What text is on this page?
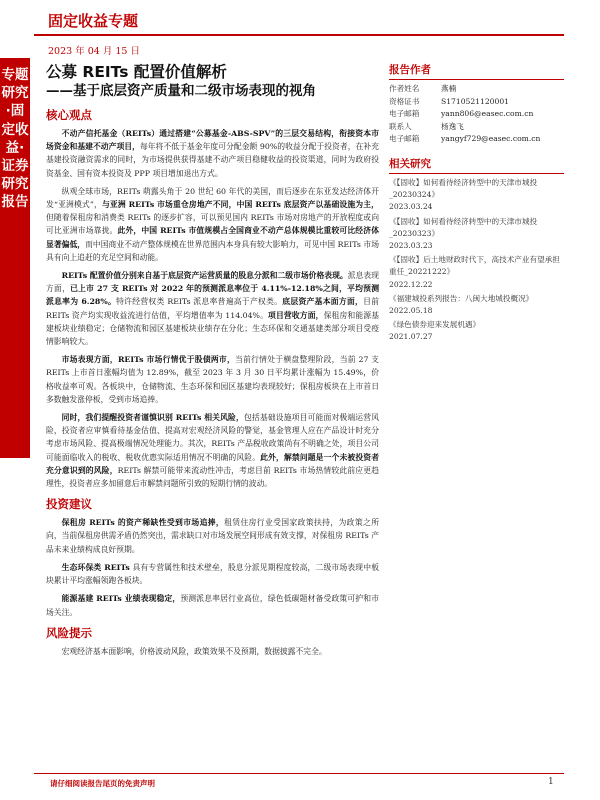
专题研究·固定收益·证券研究报告
固定收益专题
2023 年 04 月 15 日
公募 REITs 配置价值解析
——基于底层资产质量和二级市场表现的视角
核心观点

不动产信托基金（REITs）通过搭建“公募基金-ABS-SPV”的三层交易结构，衔接资本市场资金和基建不动产项目，每年将不低于基金年度可分配金额 90%的收益分配于投资者，在补充基建投资融资需求的同时，为市场提供获得基建不动产项目稳健收益的投资渠道，同时为政府投资基金、国有资本投资及 PPP 项目增加退出方式。

纵观全球市场，REITs 萌露头角于 20 世纪 60 年代的美国，而后逐步在东亚发达经济体开发“亚洲模式”，与亚洲 REITs 市场重仓房地产不同，中国 REITs 底层资产以基础设施为主，但随着保租房和消费类 REITs 的逐步扩容，可以预见国内 REITs 市场对房地产的开放程度或向可比亚洲市场靠拢。此外，中国 REITs 市值规模占全国商业不动产总体规模比重较可比经济体显著偏低，而中国商业不动产整体规模在世界范围内本身具有较大影响力，可见中国 REITs 市场具有向上追赶的充足空间和动能。

REITs 配置价值分别来自基于底层资产运营质量的股息分派和二级市场价格表现。派息表现方面，已上市 27 支 REITs 对 2022 年的预测派息率位于 4.11%-12.18%之间，平均预测派息率为 6.28%。特许经营权类 REITs 派息率普遍高于产权类。底层资产基本面方面，目前 REITs 资产均实现收益流进行估值，平均增值率为 114.04%。项目营收方面，保租房和能源基建板块业绩稳定；仓储物流和园区基建板块业绩存在分化；生态环保和交通基建类部分项目受疫情影响较大。

市场表现方面，REITs 市场行情优于股债两市，当前行情处于横盘整理阶段，当前 27 支 REITs 上市首日涨幅均值为 12.89%，截至 2023 年 3 月 30 日平均累计涨幅为 15.49%，价格收益率可观。各板块中，仓储物流、生态环保和园区基建均表现较好；保租房板块在上市首日多数触发涨停板，受到市场追捧。

同时，我们提醒投资者谨慎识别 REITs 相关风险，包括基础设施项目可能面对极端运营风险，投资者应审慎看待基金估值、提高对宏观经济风险的警觉，基金管理人应在产品设计时充分考虑市场风险、提高极端情况处理能力。其次，REITs 产品税收政策尚有不明确之处，项目公司可能面临收入的税收、税收优惠实际适用情况不明确的风险。此外，解禁问题是一个未被投资者充分意识到的风险，REITs 解禁可能带来流动性冲击，考虑目前 REITs 市场热情较此前应更趋理性，投资者应多加留意后市解禁问题所引致的短期行情的波动。

投资建议

保租房 REITs 的资产稀缺性受到市场追捧，租赁住房行业受国家政策扶持，为政策之所向，当前保租房供需矛盾仍然突出，需求缺口对市场发展空间形成有效支撑，对保租房 REITs 产品未来业绩构成良好预期。

生态环保类 REITs 具有专营属性和技术壁垒，股息分派见期程度较高，二级市场表现中板块累计平均涨幅领跑各板块。

能源基建 REITs 业绩表现稳定，预测派息率居行业高位，绿色低碳题材备受政策可护和市场关注。

风险提示

宏观经济基本面影响，价格波动风险，政策效果不及预期，数据披露不完全。

报告作者
作者姓名	燕楠
资格证书	S1710521120001
电子邮箱	yann806@easec.com.cn
联系人	杨逸飞
电子邮箱	yangyf729@easec.com.cn
相关研究
《【固收】如何看待经济转型中的天津市城投_20230324》
2023.03.24
《【固收】如何看待经济转型中的天津市城投_20230323》
2023.03.23
《【固收】后土地财政时代下，高技术产业有望承担重任_20221222》
2022.12.22
《福建城投系列报告：八闽大地城投概况》
2022.05.18
《绿色债券迎来发展机遇》
2021.07.27
请仔细阅读报告尾页的免责声明	1
